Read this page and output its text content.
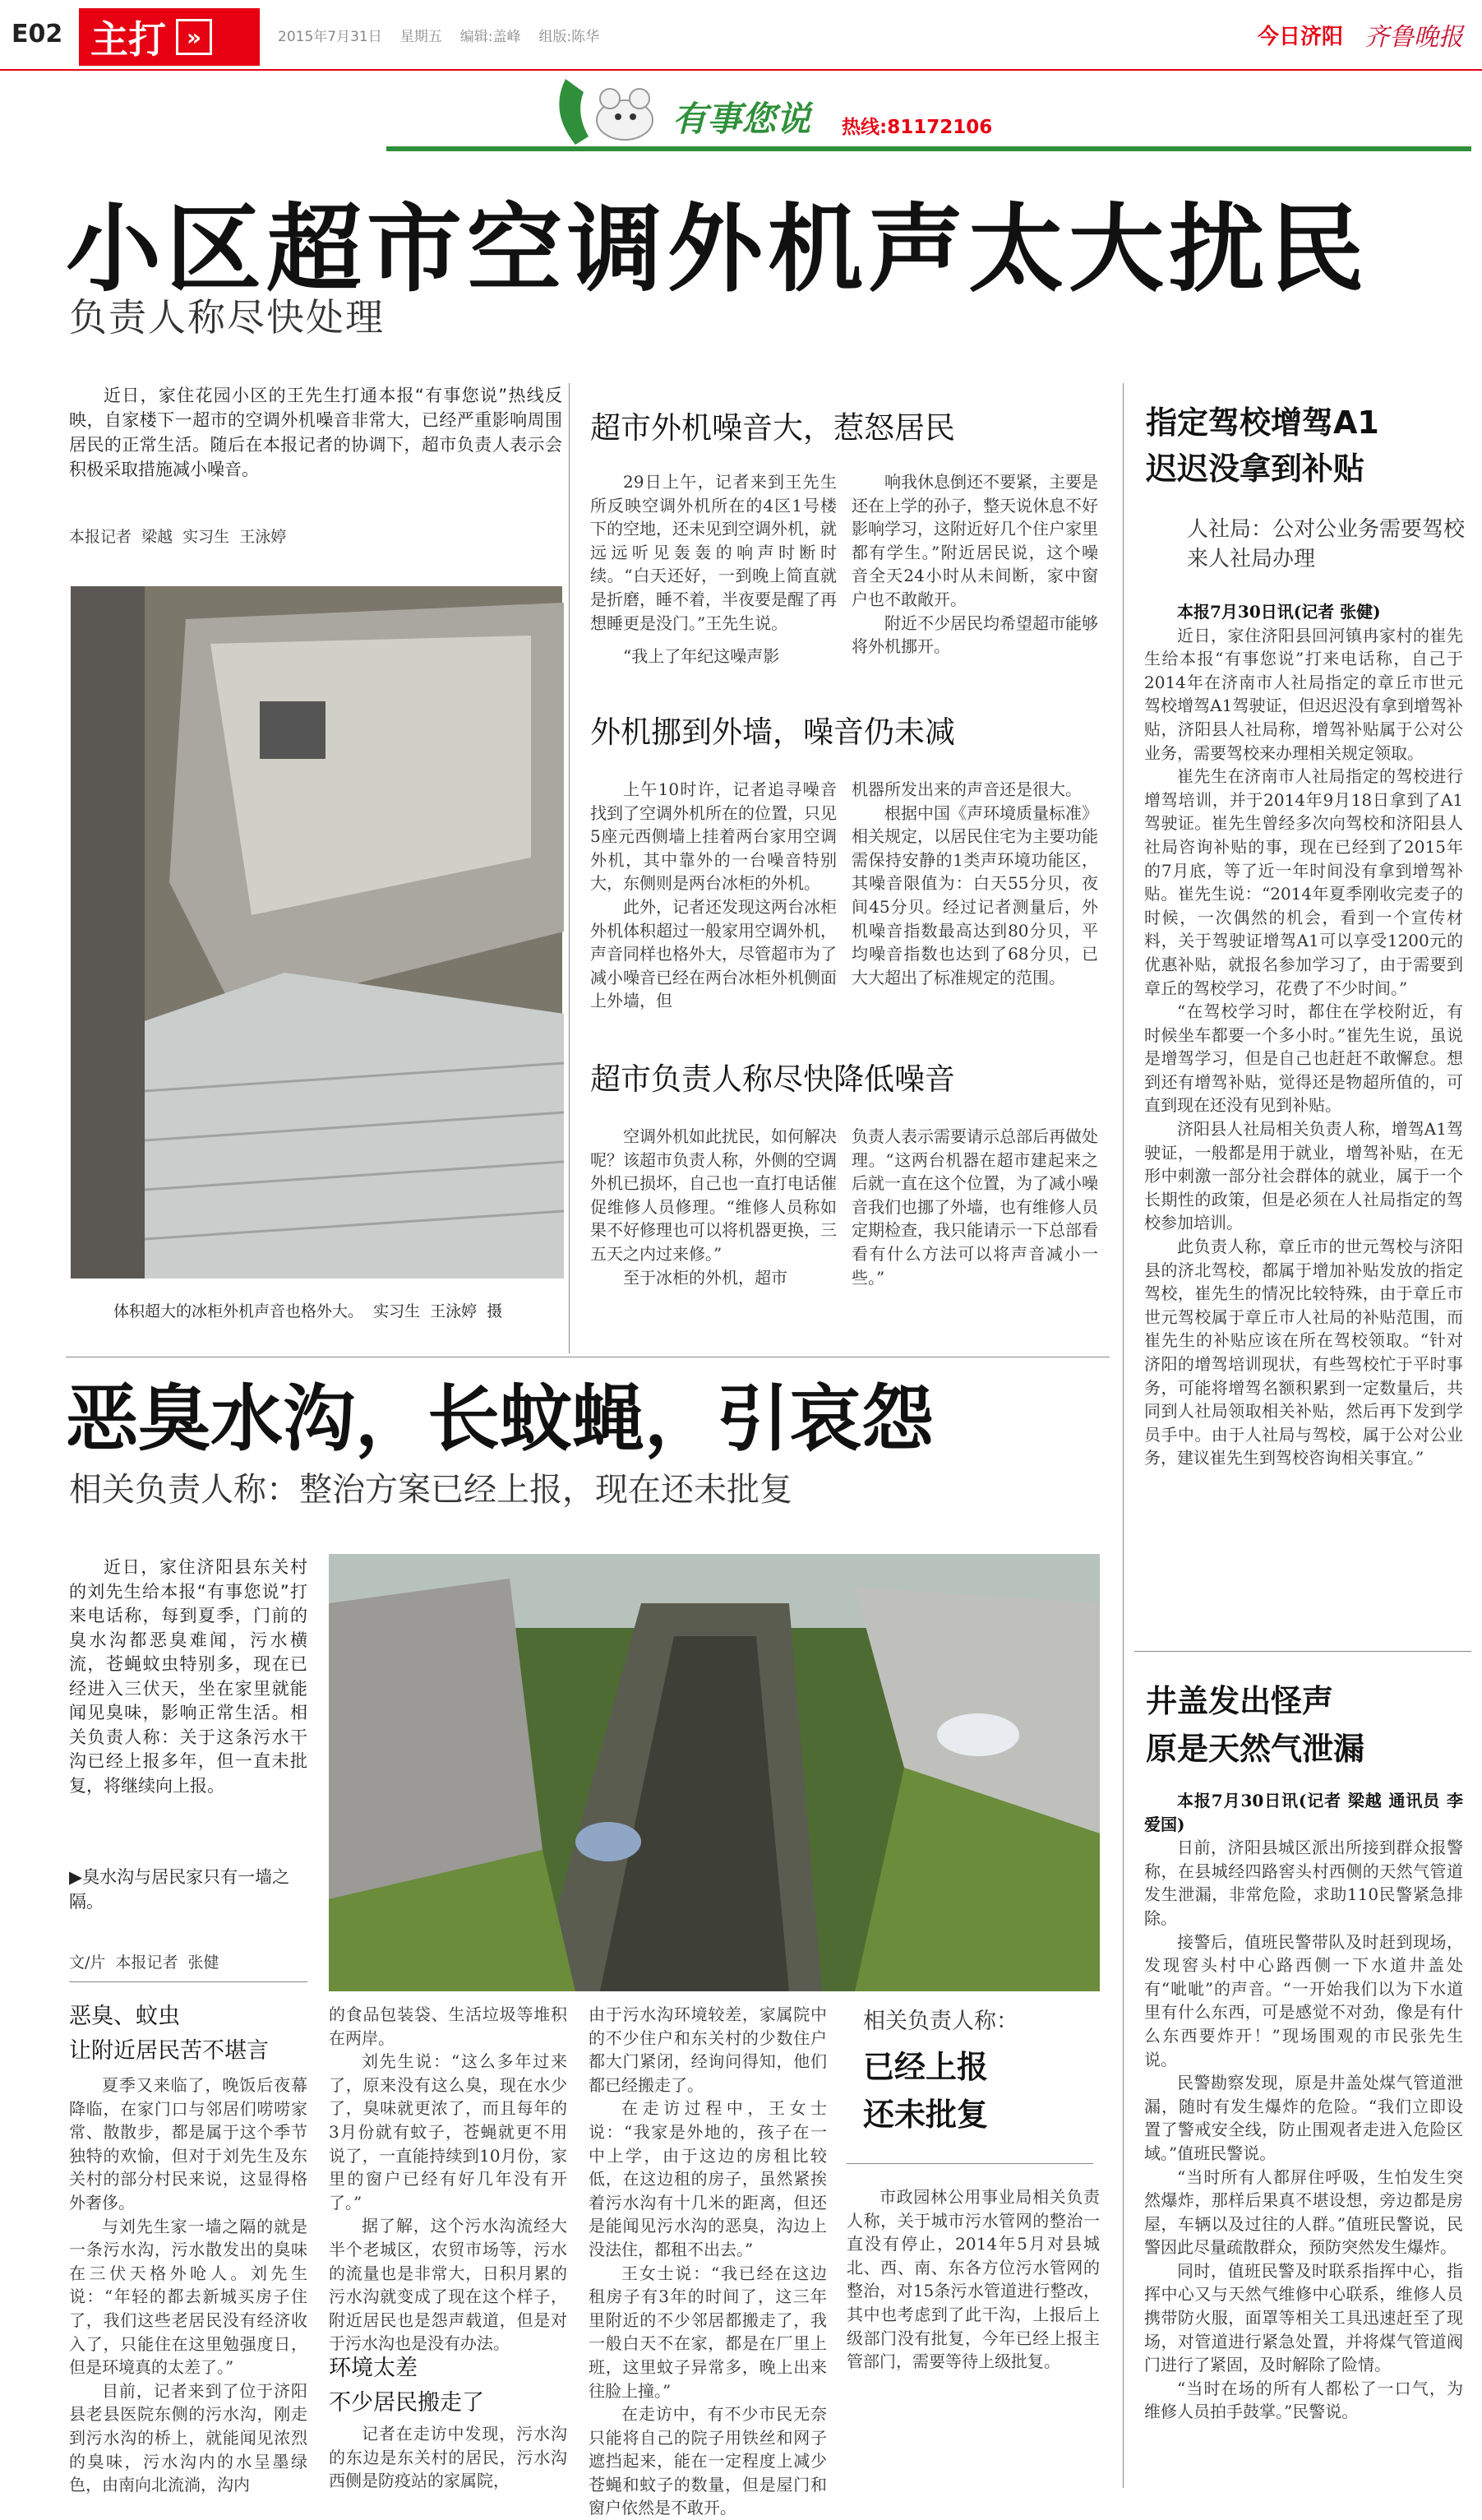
E02 主打 »	2015年7月31日 星期五 编辑:盖峰 组版:陈华	今日济阳 齐鲁晚报
有事您说 热线:81172106
小区超市空调外机声太大扰民
负责人称尽快处理

近日，家住花园小区的王先生打通本报“有事您说”热线反映，自家楼下一超市的空调外机噪音非常大，已经严重影响周围居民的正常生活。随后在本报记者的协调下，超市负责人表示会积极采取措施减小噪音。

本报记者  梁越  实习生  王泳婷
体积超大的冰柜外机声音也格外大。  实习生  王泳婷  摄
超市外机噪音大，惹怒居民

29日上午，记者来到王先生所反映空调外机所在的4区1号楼下的空地，还未见到空调外机，就远远听见轰轰的响声时断时续。“白天还好，一到晚上简直就是折磨，睡不着，半夜要是醒了再想睡更是没门。”王先生说。

“我上了年纪这噪声影

响我休息倒还不要紧，主要是还在上学的孙子，整天说休息不好影响学习，这附近好几个住户家里都有学生。”附近居民说，这个噪音全天24小时从未间断，家中窗户也不敢敞开。

附近不少居民均希望超市能够将外机挪开。

外机挪到外墙，噪音仍未减

上午10时许，记者追寻噪音找到了空调外机所在的位置，只见5座元西侧墙上挂着两台家用空调外机，其中靠外的一台噪音特别大，东侧则是两台冰柜的外机。

此外，记者还发现这两台冰柜外机体积超过一般家用空调外机，声音同样也格外大，尽管超市为了减小噪音已经在两台冰柜外机侧面上外墙，但

机器所发出来的声音还是很大。

根据中国《声环境质量标准》相关规定，以居民住宅为主要功能需保持安静的1类声环境功能区，其噪音限值为：白天55分贝，夜间45分贝。经过记者测量后，外机噪音指数最高达到80分贝，平均噪音指数也达到了68分贝，已大大超出了标准规定的范围。

超市负责人称尽快降低噪音

空调外机如此扰民，如何解决呢？该超市负责人称，外侧的空调外机已损坏，自己也一直打电话催促维修人员修理。“维修人员称如果不好修理也可以将机器更换，三五天之内过来修。”

至于冰柜的外机，超市

负责人表示需要请示总部后再做处理。“这两台机器在超市建起来之后就一直在这个位置，为了减小噪音我们也挪了外墙，也有维修人员定期检查，我只能请示一下总部看看有什么方法可以将声音减小一些。”

指定驾校增驾A1
迟迟没拿到补贴
人社局：公对公业务需要驾校来人社局办理

本报7月30日讯(记者 张健)

近日，家住济阳县回河镇冉家村的崔先生给本报“有事您说”打来电话称，自己于2014年在济南市人社局指定的章丘市世元驾校增驾A1驾驶证，但迟迟没有拿到增驾补贴，济阳县人社局称，增驾补贴属于公对公业务，需要驾校来办理相关规定领取。

崔先生在济南市人社局指定的驾校进行增驾培训，并于2014年9月18日拿到了A1驾驶证。崔先生曾经多次向驾校和济阳县人社局咨询补贴的事，现在已经到了2015年的7月底，等了近一年时间没有拿到增驾补贴。崔先生说：“2014年夏季刚收完麦子的时候，一次偶然的机会，看到一个宣传材料，关于驾驶证增驾A1可以享受1200元的优惠补贴，就报名参加学习了，由于需要到章丘的驾校学习，花费了不少时间。”

“在驾校学习时，都住在学校附近，有时候坐车都要一个多小时。”崔先生说，虽说是增驾学习，但是自己也赶赶不敢懈怠。想到还有增驾补贴，觉得还是物超所值的，可直到现在还没有见到补贴。

济阳县人社局相关负责人称，增驾A1驾驶证，一般都是用于就业，增驾补贴，在无形中刺激一部分社会群体的就业，属于一个长期性的政策，但是必须在人社局指定的驾校参加培训。

此负责人称，章丘市的世元驾校与济阳县的济北驾校，都属于增加补贴发放的指定驾校，崔先生的情况比较特殊，由于章丘市世元驾校属于章丘市人社局的补贴范围，而崔先生的补贴应该在所在驾校领取。“针对济阳的增驾培训现状，有些驾校忙于平时事务，可能将增驾名额积累到一定数量后，共同到人社局领取相关补贴，然后再下发到学员手中。由于人社局与驾校，属于公对公业务，建议崔先生到驾校咨询相关事宜。”

井盖发出怪声
原是天然气泄漏

本报7月30日讯(记者 梁越 通讯员 李爱国)

日前，济阳县城区派出所接到群众报警称，在县城经四路窖头村西侧的天然气管道发生泄漏，非常危险，求助110民警紧急排除。

接警后，值班民警带队及时赶到现场，发现窖头村中心路西侧一下水道井盖处有“呲呲”的声音。“一开始我们以为下水道里有什么东西，可是感觉不对劲，像是有什么东西要炸开！”现场围观的市民张先生说。

民警勘察发现，原是井盖处煤气管道泄漏，随时有发生爆炸的危险。“我们立即设置了警戒安全线，防止围观者走进入危险区域。”值班民警说。

“当时所有人都屏住呼吸，生怕发生突然爆炸，那样后果真不堪设想，旁边都是房屋，车辆以及过往的人群。”值班民警说，民警因此尽量疏散群众，预防突然发生爆炸。

同时，值班民警及时联系指挥中心，指挥中心又与天然气维修中心联系，维修人员携带防火服，面罩等相关工具迅速赶至了现场，对管道进行紧急处置，并将煤气管道阀门进行了紧固，及时解除了险情。

“当时在场的所有人都松了一口气，为维修人员拍手鼓掌。”民警说。

恶臭水沟，长蚊蝇，引哀怨
相关负责人称：整治方案已经上报，现在还未批复

近日，家住济阳县东关村的刘先生给本报“有事您说”打来电话称，每到夏季，门前的臭水沟都恶臭难闻，污水横流，苍蝇蚊虫特别多，现在已经进入三伏天，坐在家里就能闻见臭味，影响正常生活。相关负责人称：关于这条污水干沟已经上报多年，但一直未批复，将继续向上报。

▶臭水沟与居民家只有一墙之隔。
文/片  本报记者  张健
恶臭、蚊虫
让附近居民苦不堪言

夏季又来临了，晚饭后夜幕降临，在家门口与邻居们唠唠家常、散散步，都是属于这个季节独特的欢愉，但对于刘先生及东关村的部分村民来说，这显得格外奢侈。

与刘先生家一墙之隔的就是一条污水沟，污水散发出的臭味在三伏天格外呛人。刘先生说：“年轻的都去新城买房子住了，我们这些老居民没有经济收入了，只能住在这里勉强度日，但是环境真的太差了。”

目前，记者来到了位于济阳县老县医院东侧的污水沟，刚走到污水沟的桥上，就能闻见浓烈的臭味，污水沟内的水呈墨绿色，由南向北流淌，沟内

的食品包装袋、生活垃圾等堆积在两岸。

刘先生说：“这么多年过来了，原来没有这么臭，现在水少了，臭味就更浓了，而且每年的3月份就有蚊子，苍蝇就更不用说了，一直能持续到10月份，家里的窗户已经有好几年没有开了。”

据了解，这个污水沟流经大半个老城区，农贸市场等，污水的流量也是非常大，日积月累的污水沟就变成了现在这个样子，附近居民也是怨声载道，但是对于污水沟也是没有办法。

环境太差
不少居民搬走了

记者在走访中发现，污水沟的东边是东关村的居民，污水沟西侧是防疫站的家属院，

由于污水沟环境较差，家属院中的不少住户和东关村的少数住户都大门紧闭，经询问得知，他们都已经搬走了。

在走访过程中，王女士说：“我家是外地的，孩子在一中上学，由于这边的房租比较低，在这边租的房子，虽然紧挨着污水沟有十几米的距离，但还是能闻见污水沟的恶臭，沟边上没法住，都租不出去。”

王女士说：“我已经在这边租房子有3年的时间了，这三年里附近的不少邻居都搬走了，我一般白天不在家，都是在厂里上班，这里蚊子异常多，晚上出来往脸上撞。”

在走访中，有不少市民无奈只能将自己的院子用铁丝和网子遮挡起来，能在一定程度上减少苍蝇和蚊子的数量，但是屋门和窗户依然是不敢开。

相关负责人称：
已经上报
还未批复

市政园林公用事业局相关负责人称，关于城市污水管网的整治一直没有停止，2014年5月对县城北、西、南、东各方位污水管网的整治，对15条污水管道进行整改，其中也考虑到了此干沟，上报后上级部门没有批复，今年已经上报主管部门，需要等待上级批复。
